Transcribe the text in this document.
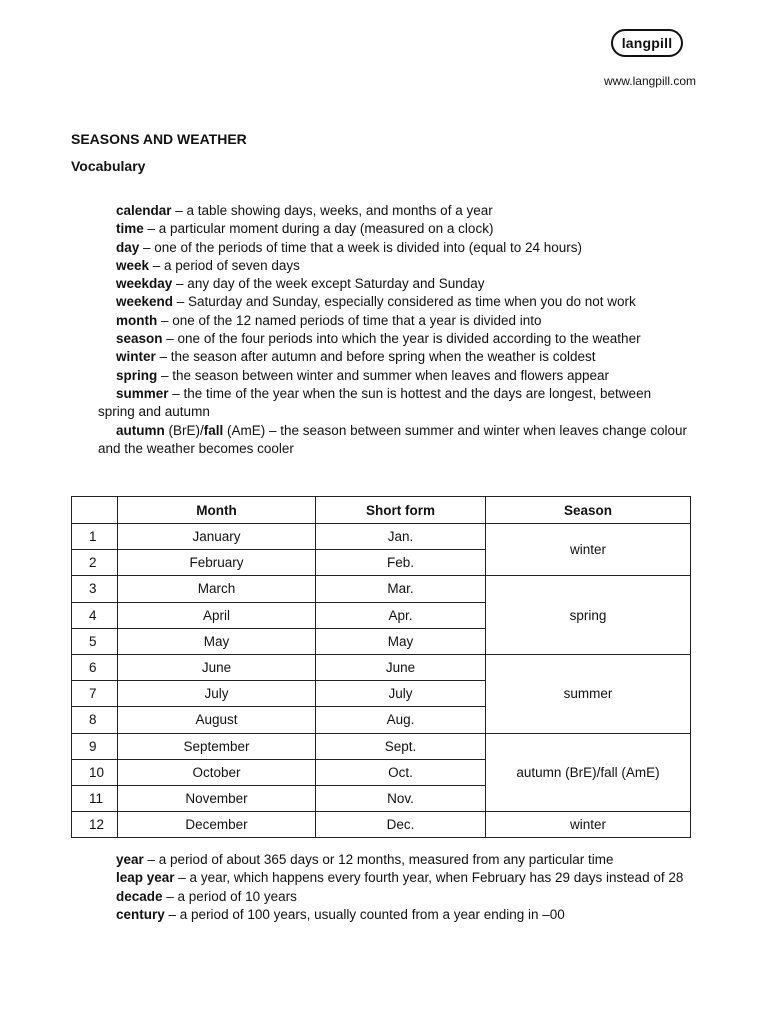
langpill
www.langpill.com
SEASONS AND WEATHER
Vocabulary
calendar – a table showing days, weeks, and months of a year
time – a particular moment during a day (measured on a clock)
day – one of the periods of time that a week is divided into (equal to 24 hours)
week – a period of seven days
weekday – any day of the week except Saturday and Sunday
weekend – Saturday and Sunday, especially considered as time when you do not work
month – one of the 12 named periods of time that a year is divided into
season – one of the four periods into which the year is divided according to the weather
winter – the season after autumn and before spring when the weather is coldest
spring – the season between winter and summer when leaves and flowers appear
summer – the time of the year when the sun is hottest and the days are longest, between spring and autumn
autumn (BrE)/fall (AmE) – the season between summer and winter when leaves change colour and the weather becomes cooler
	Month	Short form	Season
1	January	Jan.	winter
2	February	Feb.	
3	March	Mar.	spring
4	April	Apr.	
5	May	May	
6	June	June	summer
7	July	July	
8	August	Aug.	
9	September	Sept.	autumn (BrE)/fall (AmE)
10	October	Oct.	
11	November	Nov.	
12	December	Dec.	winter
year – a period of about 365 days or 12 months, measured from any particular time
leap year – a year, which happens every fourth year, when February has 29 days instead of 28
decade – a period of 10 years
century – a period of 100 years, usually counted from a year ending in –00
